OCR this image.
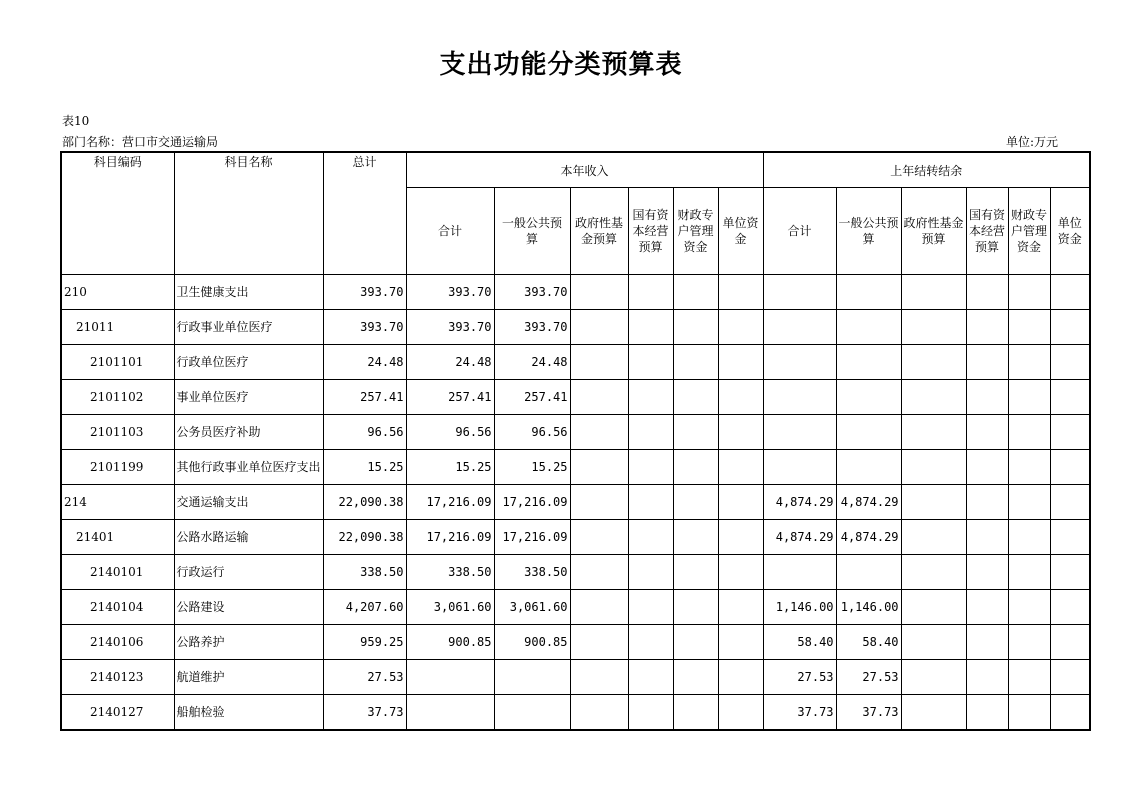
支出功能分类预算表
表10
部门名称：营口市交通运输局	单位:万元
科目编码	科目名称	总计	本年收入						上年结转结余					
			合计	一般公共预算	政府性基金预算	国有资本经营预算	财政专户管理资金	单位资金	合计	一般公共预算	政府性基金预算	国有资本经营预算	财政专户管理资金	单位资金
210	卫生健康支出	393.70	393.70	393.70										
21011	行政事业单位医疗	393.70	393.70	393.70										
2101101	行政单位医疗	24.48	24.48	24.48										
2101102	事业单位医疗	257.41	257.41	257.41										
2101103	公务员医疗补助	96.56	96.56	96.56										
2101199	其他行政事业单位医疗支出	15.25	15.25	15.25										
214	交通运输支出	22,090.38	17,216.09	17,216.09					4,874.29	4,874.29				
21401	公路水路运输	22,090.38	17,216.09	17,216.09					4,874.29	4,874.29				
2140101	行政运行	338.50	338.50	338.50										
2140104	公路建设	4,207.60	3,061.60	3,061.60					1,146.00	1,146.00				
2140106	公路养护	959.25	900.85	900.85					58.40	58.40				
2140123	航道维护	27.53							27.53	27.53				
2140127	船舶检验	37.73							37.73	37.73				
